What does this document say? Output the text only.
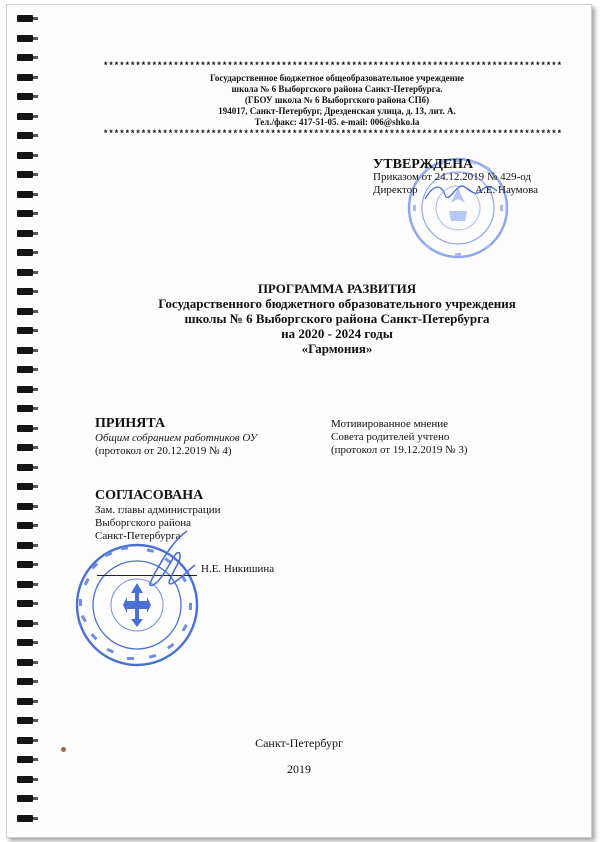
*************************************************************************************
Государственное бюджетное общеобразовательное учреждение
школа № 6 Выборгского района Санкт-Петербурга.
(ГБОУ школа № 6 Выборгского района СПб)
194017, Санкт-Петербург, Дрезденская улица, д. 13, лит. А.
Тел./факс: 417-51-05. e-mail: 006@shko.la
*************************************************************************************
УТВЕРЖДЕНА
Приказом от 24.12.2019 № 429-од
Директор	А.Е. Наумова
ПРОГРАММА РАЗВИТИЯ
Государственного бюджетного образовательного учреждения
школы № 6 Выборгского района Санкт-Петербурга
на 2020 - 2024 годы
«Гармония»
ПРИНЯТА
Общим собранием работников ОУ
(протокол от 20.12.2019 № 4)
Мотивированное мнение
Совета родителей учтено
(протокол от 19.12.2019 № 3)
СОГЛАСОВАНА
Зам. главы администрации
Выборгского района
Санкт-Петербурга
Н.Е. Никишина
Санкт-Петербург
2019
